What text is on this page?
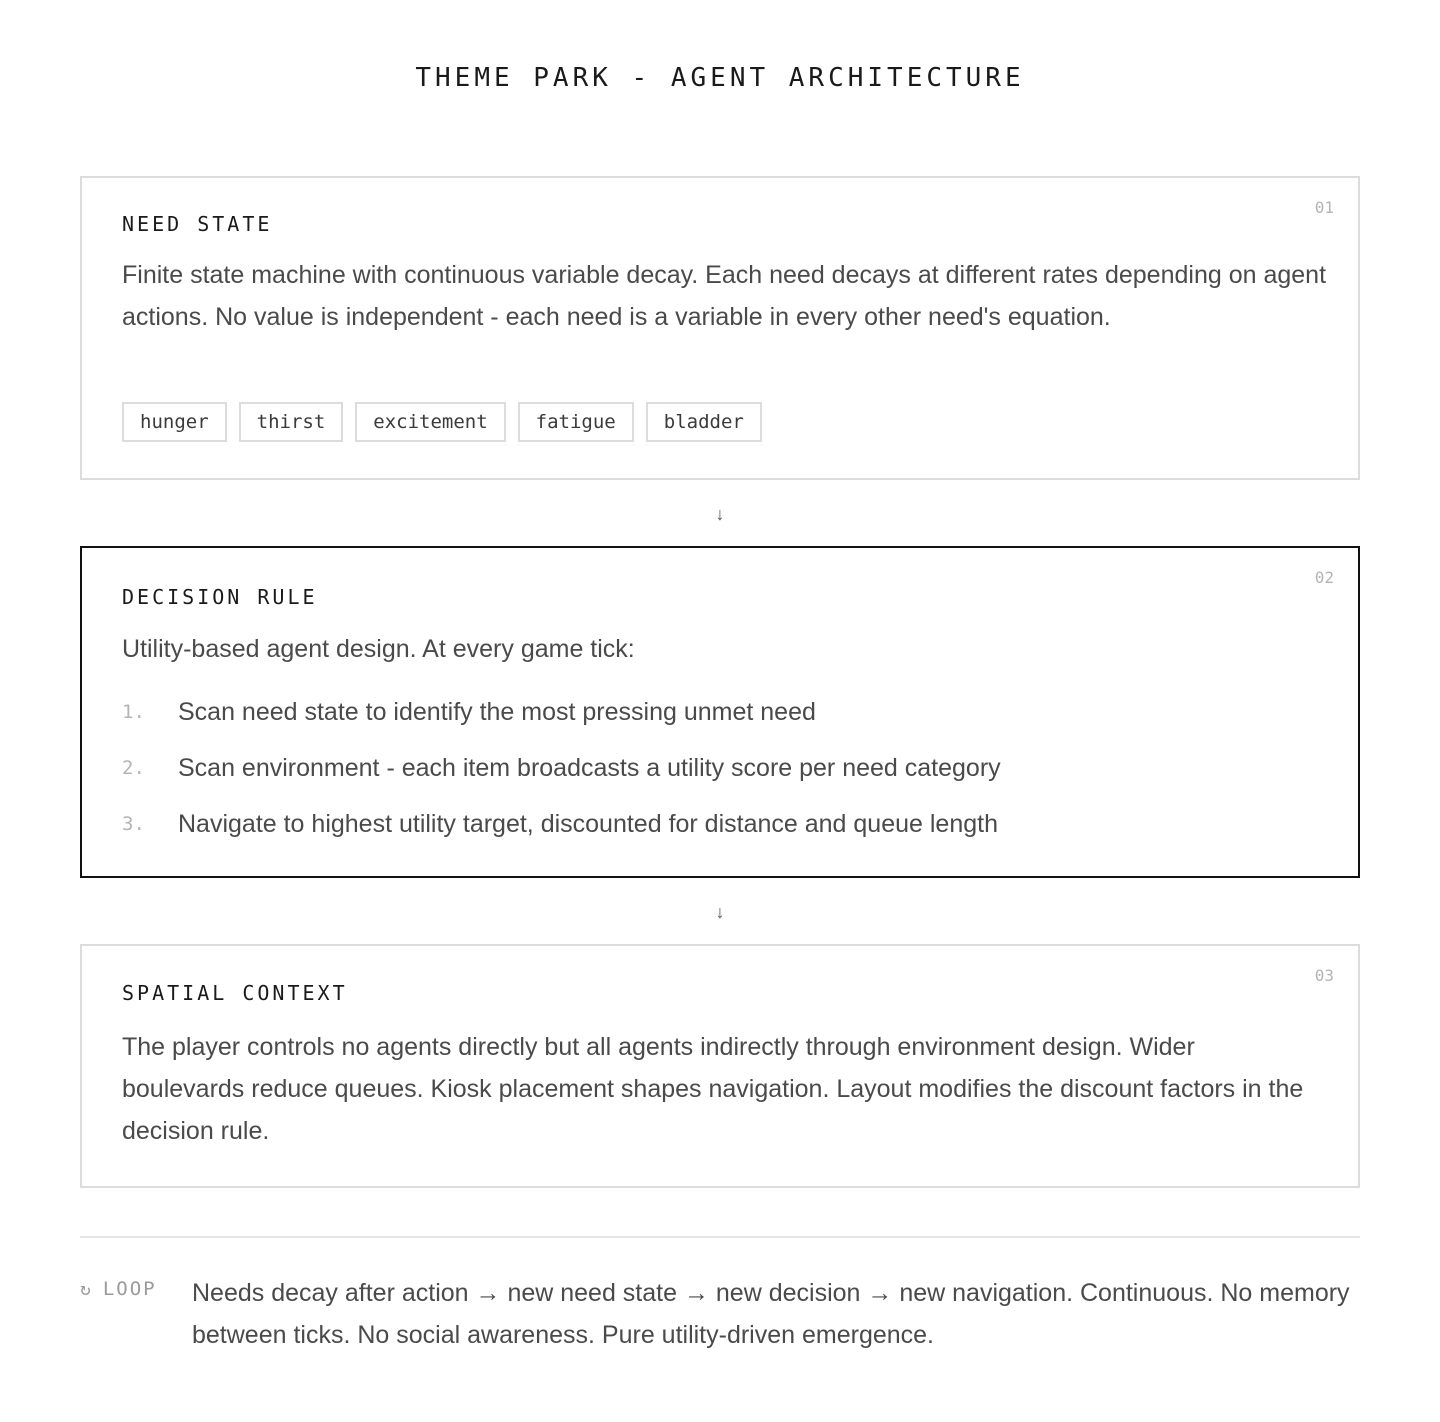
THEME PARK - AGENT ARCHITECTURE
01
NEED STATE
Finite state machine with continuous variable decay. Each need decays at different rates depending on agent actions. No value is independent - each need is a variable in every other need's equation.
hunger	thirst	excitement	fatigue	bladder
↓
02
DECISION RULE
Utility-based agent design. At every game tick:
1.	Scan need state to identify the most pressing unmet need
2.	Scan environment - each item broadcasts a utility score per need category
3.	Navigate to highest utility target, discounted for distance and queue length
↓
03
SPATIAL CONTEXT
The player controls no agents directly but all agents indirectly through environment design. Wider boulevards reduce queues. Kiosk placement shapes navigation. Layout modifies the discount factors in the decision rule.
↻ LOOP Needs decay after action → new need state → new decision → new navigation. Continuous. No memory between ticks. No social awareness. Pure utility-driven emergence.
